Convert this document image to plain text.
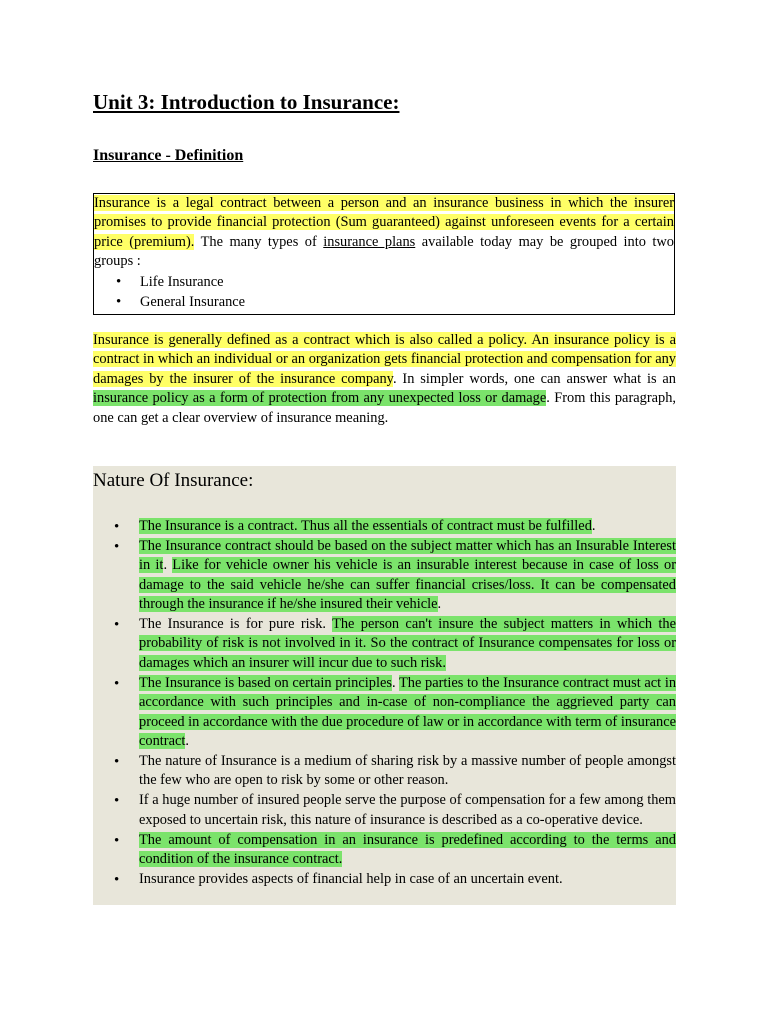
Unit 3: Introduction to Insurance:
Insurance - Definition

Insurance is a legal contract between a person and an insurance business in which the insurer promises to provide financial protection (Sum guaranteed) against unforeseen events for a certain price (premium). The many types of insurance plans available today may be grouped into two groups :

• Life Insurance
• General Insurance

Insurance is generally defined as a contract which is also called a policy. An insurance policy is a contract in which an individual or an organization gets financial protection and compensation for any damages by the insurer of the insurance company. In simpler words, one can answer what is an insurance policy as a form of protection from any unexpected loss or damage. From this paragraph, one can get a clear overview of insurance meaning.

Nature Of Insurance:
• The Insurance is a contract. Thus all the essentials of contract must be fulfilled.
• The Insurance contract should be based on the subject matter which has an Insurable Interest in it. Like for vehicle owner his vehicle is an insurable interest because in case of loss or damage to the said vehicle he/she can suffer financial crises/loss. It can be compensated through the insurance if he/she insured their vehicle.
• The Insurance is for pure risk. The person can't insure the subject matters in which the probability of risk is not involved in it. So the contract of Insurance compensates for loss or damages which an insurer will incur due to such risk.
• The Insurance is based on certain principles. The parties to the Insurance contract must act in accordance with such principles and in-case of non-compliance the aggrieved party can proceed in accordance with the due procedure of law or in accordance with term of insurance contract.
• The nature of Insurance is a medium of sharing risk by a massive number of people amongst the few who are open to risk by some or other reason.
• If a huge number of insured people serve the purpose of compensation for a few among them exposed to uncertain risk, this nature of insurance is described as a co-operative device.
• The amount of compensation in an insurance is predefined according to the terms and condition of the insurance contract.
• Insurance provides aspects of financial help in case of an uncertain event.
